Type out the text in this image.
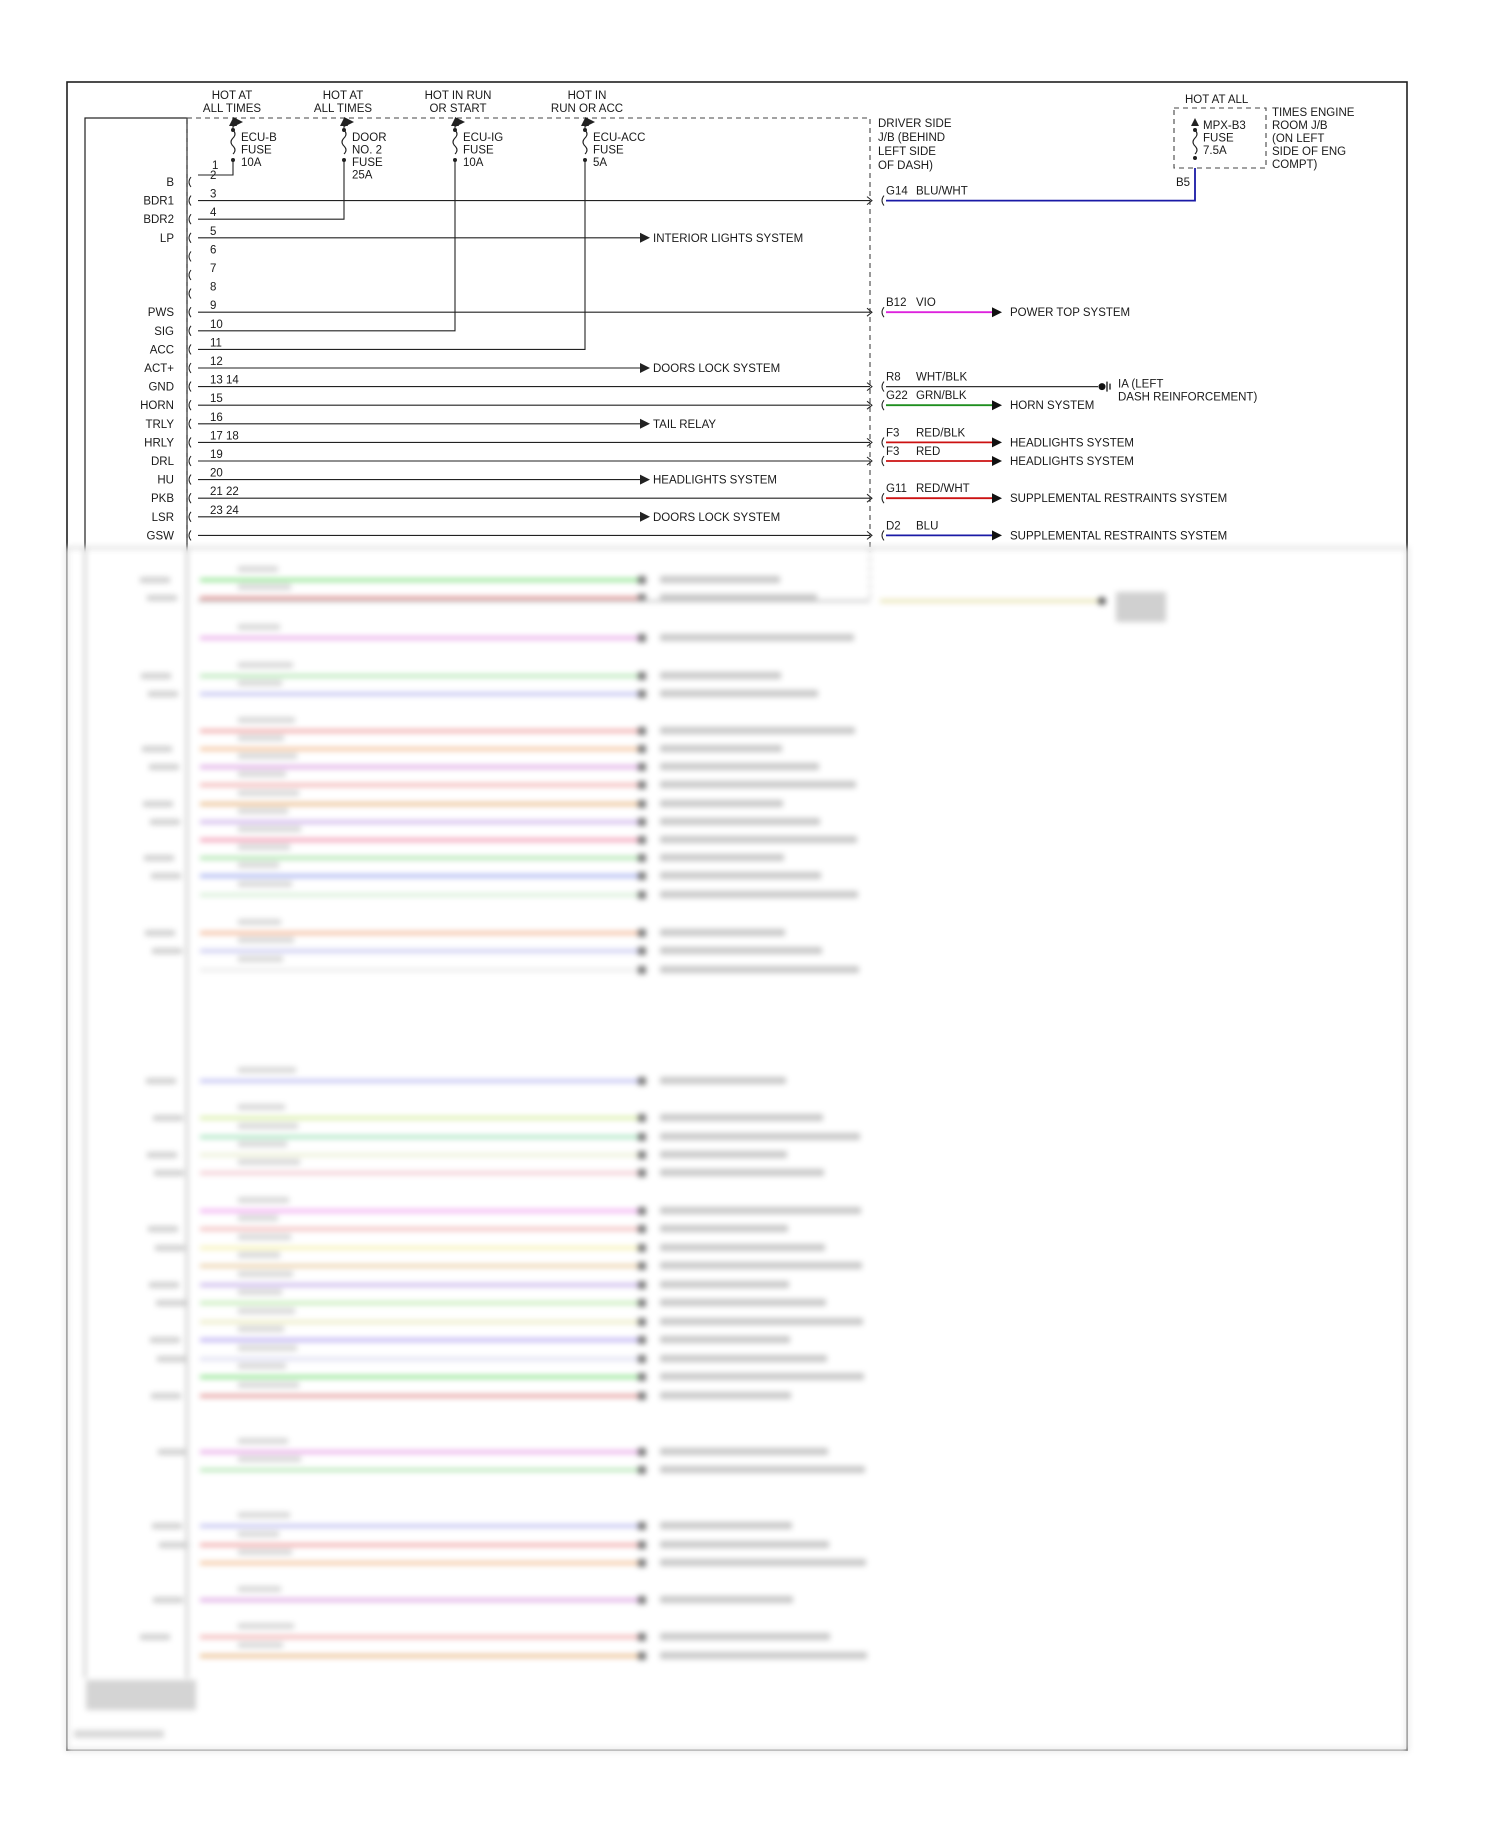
HOT AT
ALL TIMES
HOT AT
ALL TIMES
HOT IN RUN
OR START
HOT IN
RUN OR ACC
ECU-B
FUSE
10A
DOOR
NO. 2
FUSE
25A
ECU-IG
FUSE
10A
ECU-ACC
FUSE
5A
DRIVER SIDE
J/B (BEHIND
LEFT SIDE
OF DASH)
1
B
2
BDR1
3
BDR2
4
LP
5
6
7
8
PWS
9
SIG
10
ACC
11
ACT+
12
GND
13 14
HORN
15
TRLY
16
HRLY
17 18
DRL
19
HU
20
PKB
21 22
LSR
23 24
GSW
INTERIOR LIGHTS SYSTEM
DOORS LOCK SYSTEM
TAIL RELAY
HEADLIGHTS SYSTEM
DOORS LOCK SYSTEM
G14 BLU/WHT
B12 VIO
POWER TOP SYSTEM
R8 WHT/BLK
G22 GRN/BLK
HORN SYSTEM
F3 RED/BLK
HEADLIGHTS SYSTEM
F3 RED
HEADLIGHTS SYSTEM
G11 RED/WHT
SUPPLEMENTAL RESTRAINTS SYSTEM
D2 BLU
SUPPLEMENTAL RESTRAINTS SYSTEM
IA (LEFT
DASH REINFORCEMENT)
HOT AT ALL
MPX-B3
FUSE
7.5A
TIMES ENGINE
ROOM J/B
(ON LEFT
SIDE OF ENG
COMPT)
B5
